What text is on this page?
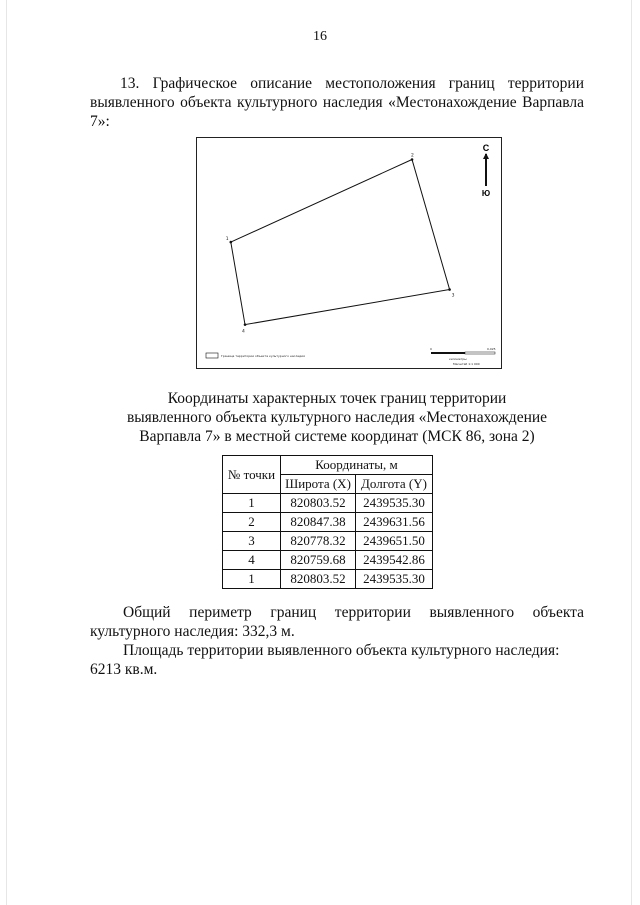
16
13. Графическое описание местоположения границ территории выявленного объекта культурного наследия «Местонахождение Варпавла 7»:
1
2
3
4
С
Ю
Граница территории объекта культурного наследия
0	0,025
километры
Масштаб 1:1 000
Координаты характерных точек границ территории
выявленного объекта культурного наследия «Местонахождение
Варпавла 7» в местной системе координат (МСК 86, зона 2)
№ точки	Координаты, м	
	Широта (X)	Долгота (Y)
1	820803.52	2439535.30
2	820847.38	2439631.56
3	820778.32	2439651.50
4	820759.68	2439542.86
1	820803.52	2439535.30
Общий периметр границ территории выявленного объекта культурного наследия: 332,3 м.
Площадь территории выявленного объекта культурного наследия: 6213 кв.м.
